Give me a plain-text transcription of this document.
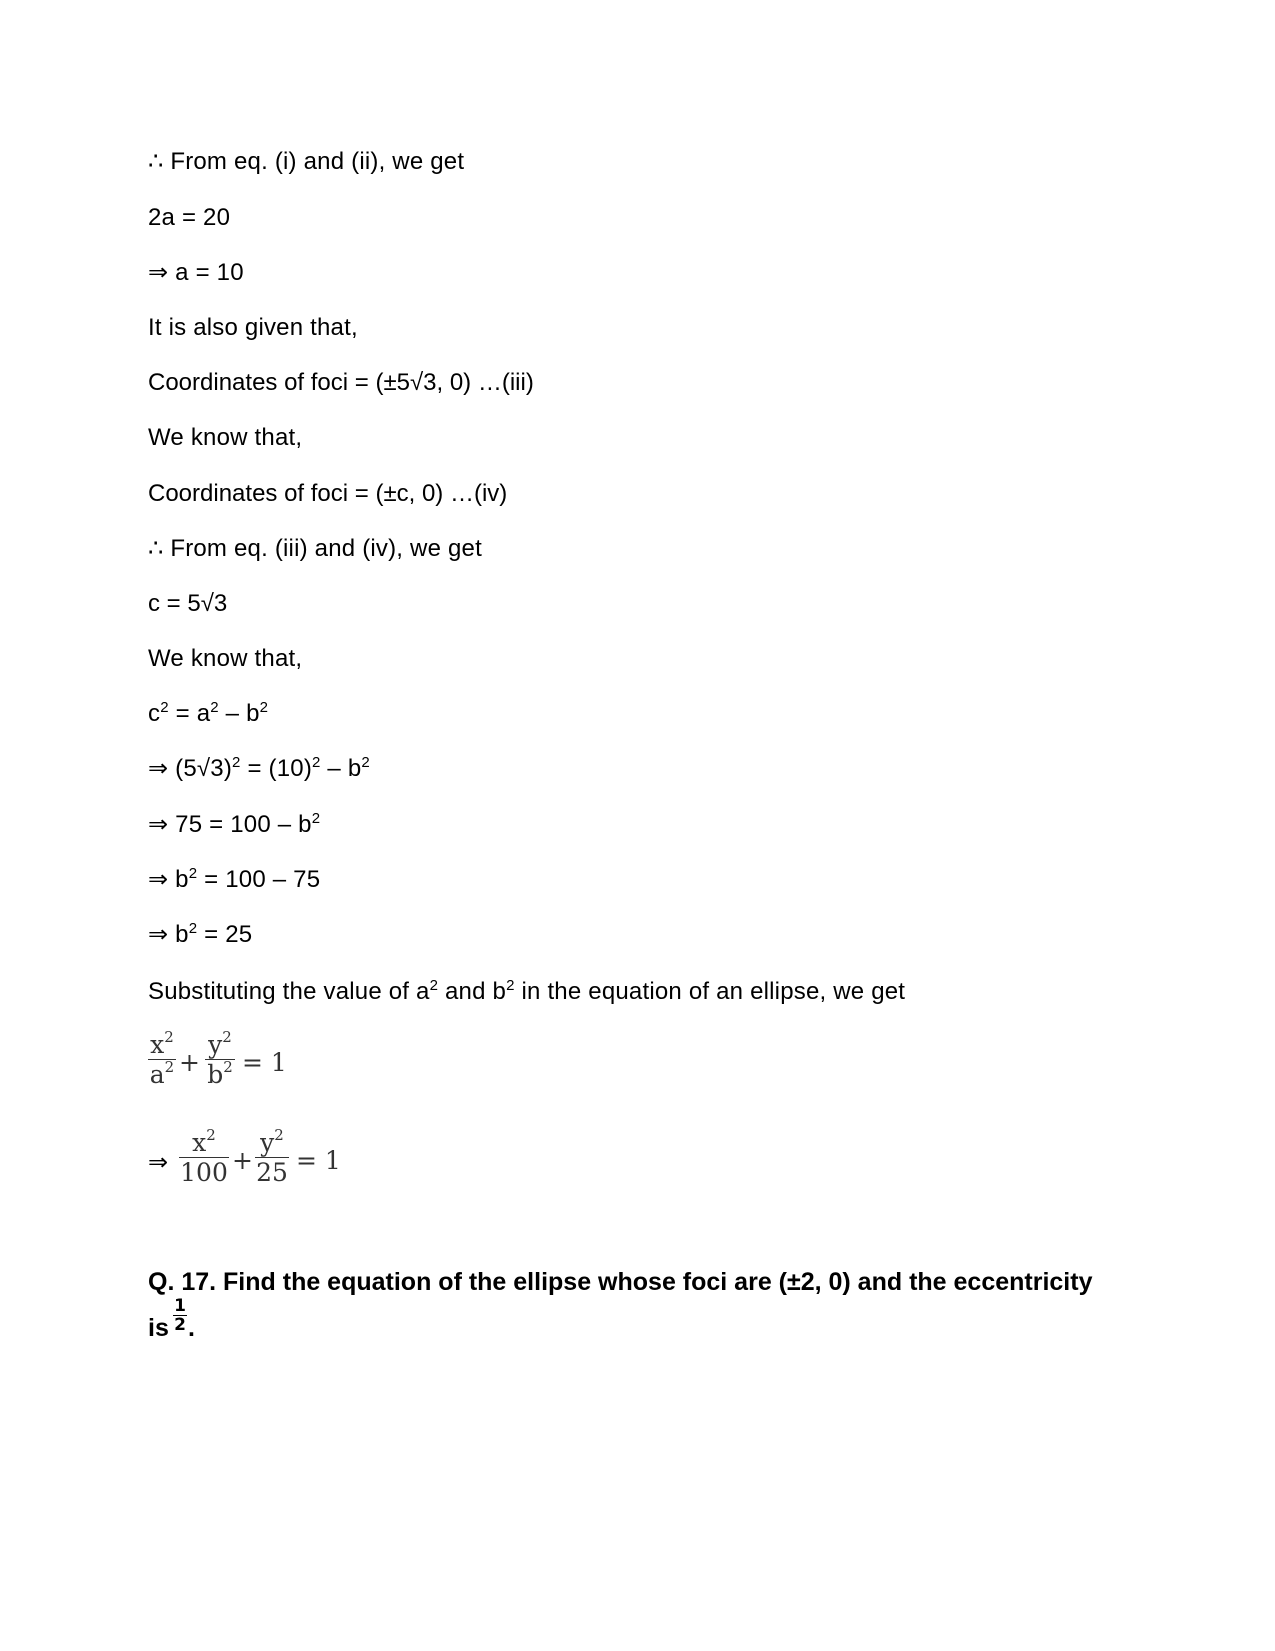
∴ From eq. (i) and (ii), we get
2a = 20
⇒ a = 10
It is also given that,
Coordinates of foci = (±5√3, 0) …(iii)
We know that,
Coordinates of foci = (±c, 0) …(iv)
∴ From eq. (iii) and (iv), we get
c = 5√3
We know that,
$c^2 = a^2 - b^2$
⇒ $(5√3)^2 = (10)^2 - b^2$
⇒ $75 = 100 - b^2$
⇒ $b^2 = 100 - 75$
⇒ $b^2 = 25$
Substituting the value of $a^2$ and $b^2$ in the equation of an ellipse, we get
$x^2$
$a^2$ +
$y^2$
$b^2 = 1$
⇒
$x^2$
100 +
$y^2$
25 = 1
Q. 17. Find the equation of the ellipse whose foci are (±2, 0) and the eccentricity
is
1
2 .
